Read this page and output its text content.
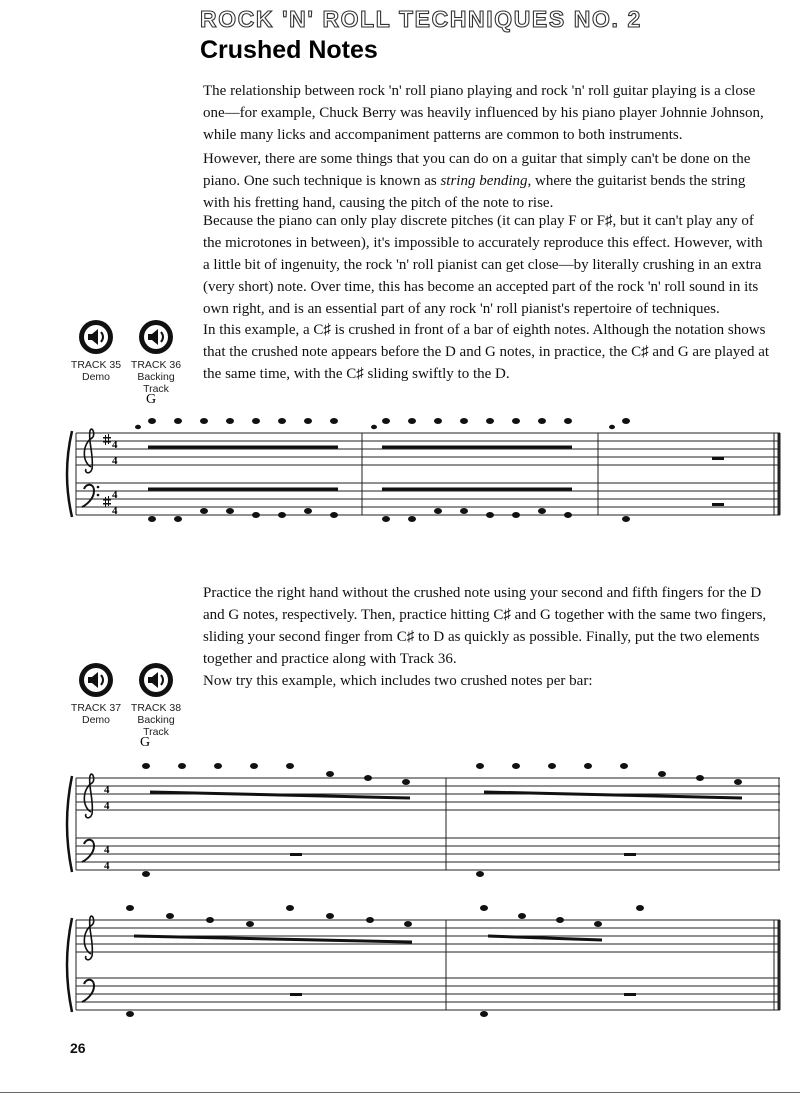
ROCK 'N' ROLL TECHNIQUES NO. 2
Crushed Notes

The relationship between rock 'n' roll piano playing and rock 'n' roll guitar playing is a close one—for example, Chuck Berry was heavily influenced by his piano player Johnnie Johnson, while many licks and accompaniment patterns are common to both instruments.

However, there are some things that you can do on a guitar that simply can't be done on the piano. One such technique is known as string bending, where the guitarist bends the string with his fretting hand, causing the pitch of the note to rise.

Because the piano can only play discrete pitches (it can play F or F♯, but it can't play any of the microtones in between), it's impossible to accurately reproduce this effect. However, with a little bit of ingenuity, the rock 'n' roll pianist can get close—by literally crushing in an extra (very short) note. Over time, this has become an accepted part of the rock 'n' roll sound in its own right, and is an essential part of any rock 'n' roll pianist's repertoire of techniques.

In this example, a C♯ is crushed in front of a bar of eighth notes. Although the notation shows that the crushed note appears before the D and G notes, in practice, the C♯ and G are played at the same time, with the C♯ sliding swiftly to the D.

TRACK 35
Demo
TRACK 36
Backing Track
G
4
4
4
4

Practice the right hand without the crushed note using your second and fifth fingers for the D and G notes, respectively. Then, practice hitting C♯ and G together with the same two fingers, sliding your second finger from C♯ to D as quickly as possible. Finally, put the two elements together and practice along with Track 36.

Now try this example, which includes two crushed notes per bar:

TRACK 37
Demo
TRACK 38
Backing Track
G
4
4
4
4
26
